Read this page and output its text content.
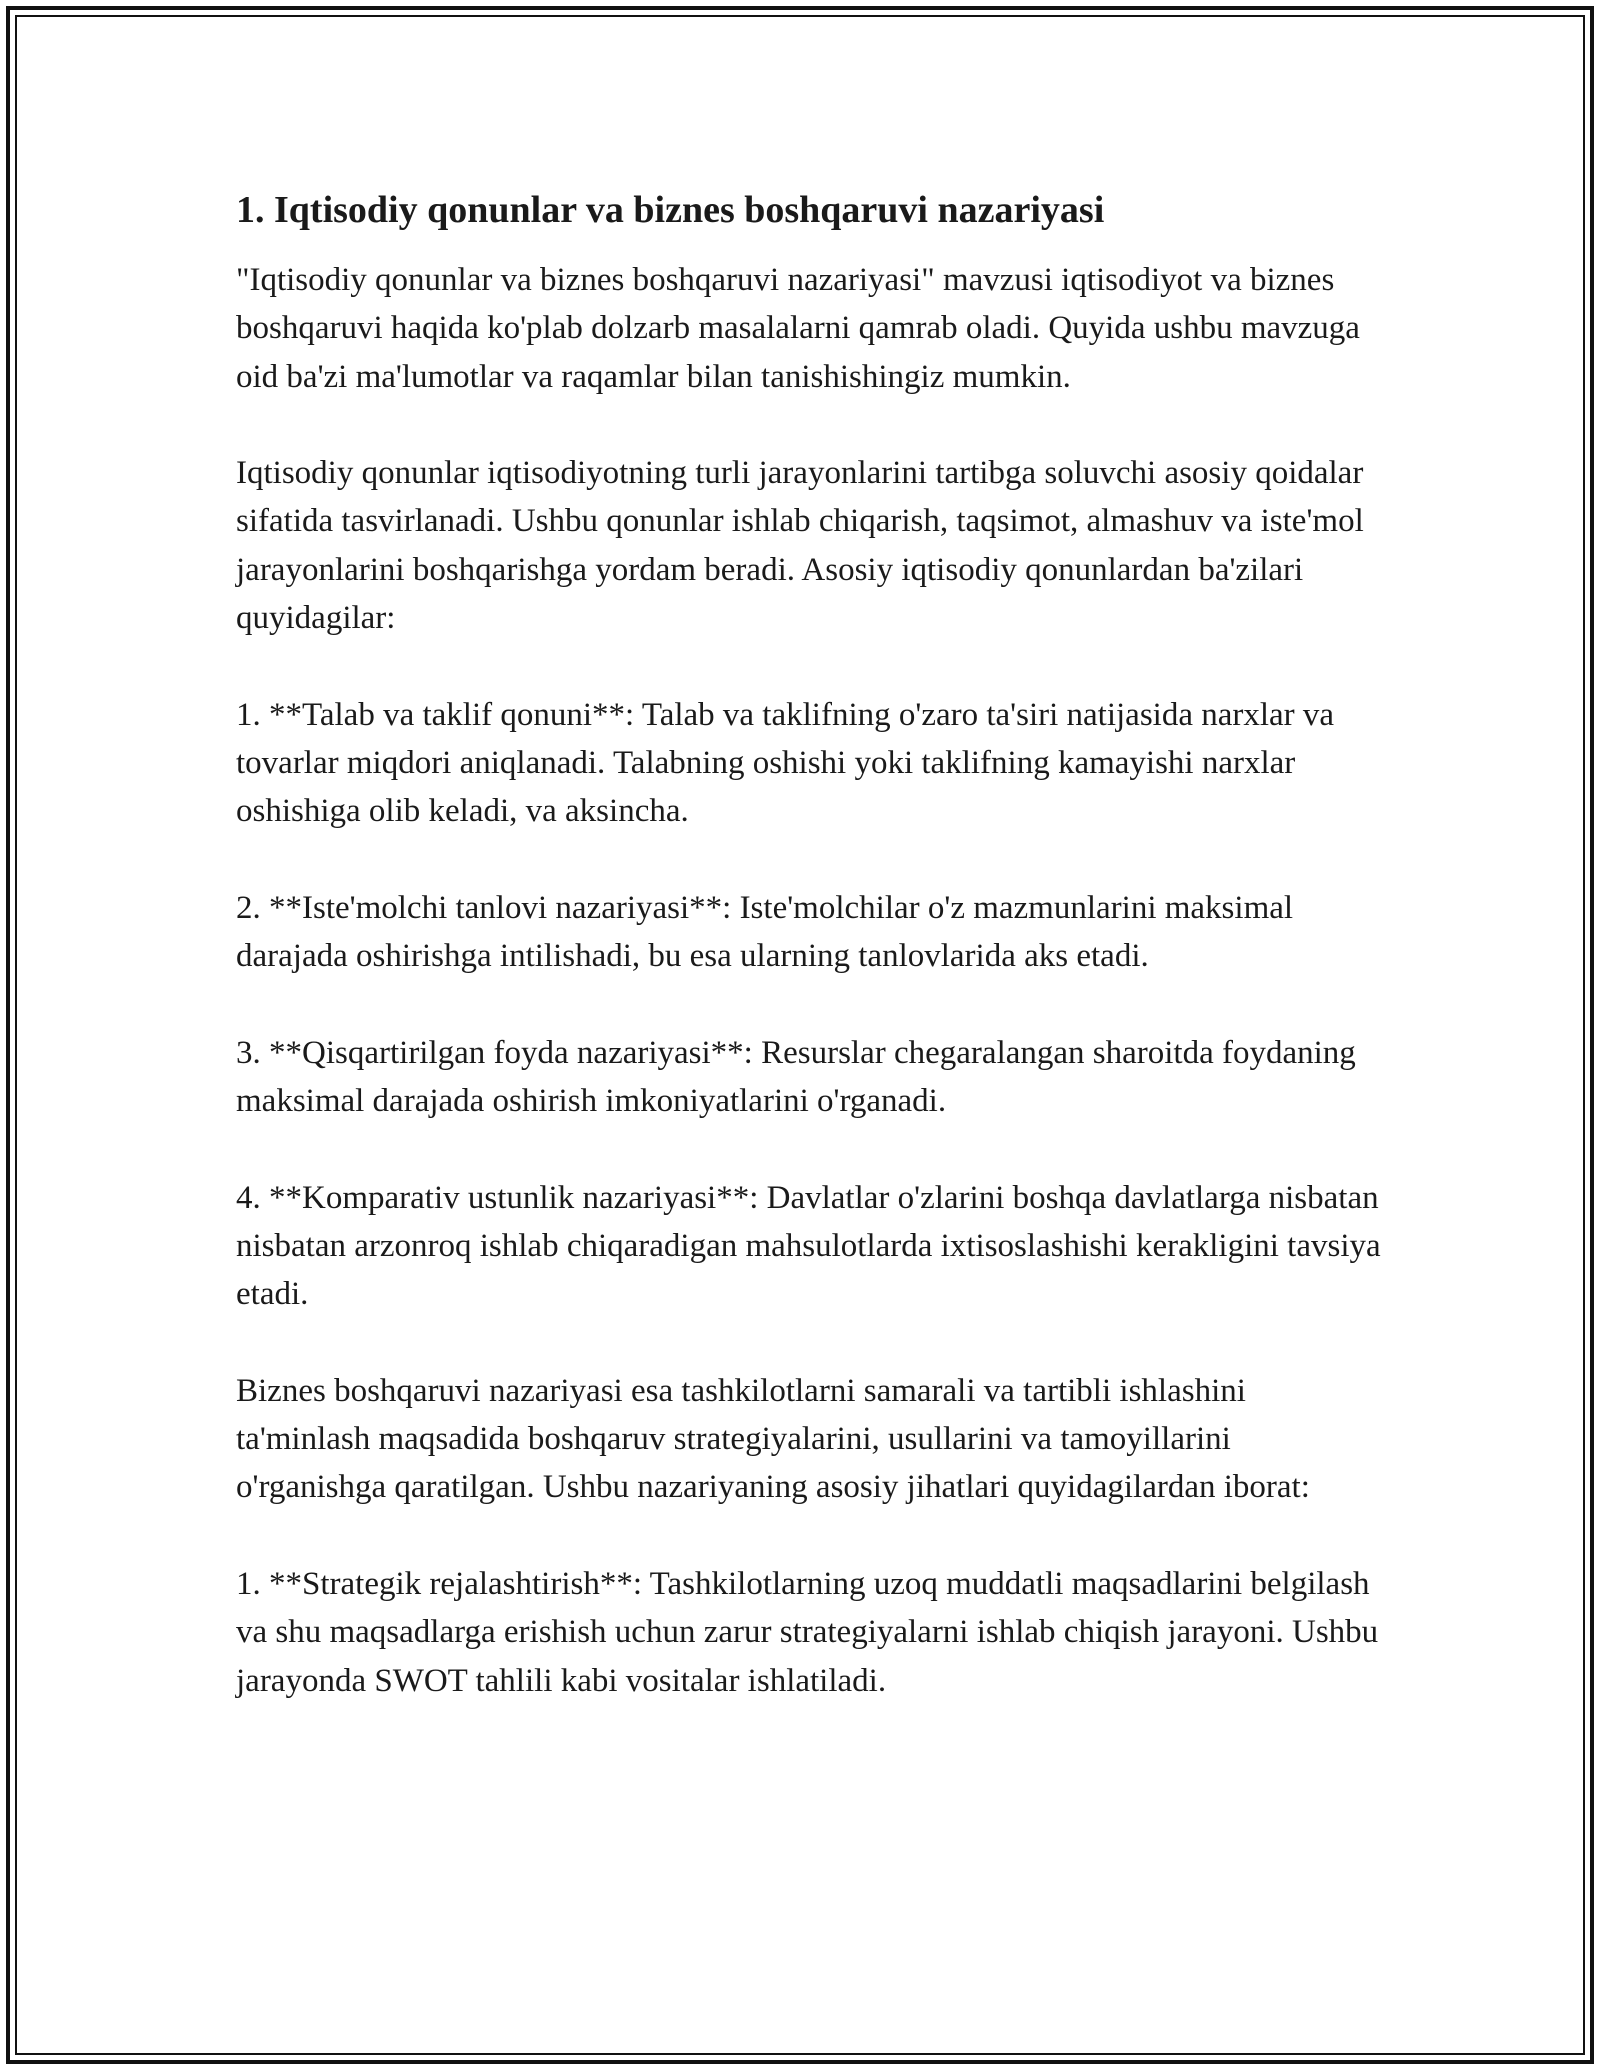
1. Iqtisodiy qonunlar va biznes boshqaruvi nazariyasi

"Iqtisodiy qonunlar va biznes boshqaruvi nazariyasi" mavzusi iqtisodiyot va biznes boshqaruvi haqida ko'plab dolzarb masalalarni qamrab oladi. Quyida ushbu mavzuga oid ba'zi ma'lumotlar va raqamlar bilan tanishishingiz mumkin.

Iqtisodiy qonunlar iqtisodiyotning turli jarayonlarini tartibga soluvchi asosiy qoidalar sifatida tasvirlanadi. Ushbu qonunlar ishlab chiqarish, taqsimot, almashuv va iste'mol jarayonlarini boshqarishga yordam beradi. Asosiy iqtisodiy qonunlardan ba'zilari quyidagilar:

1. **Talab va taklif qonuni**: Talab va taklifning o'zaro ta'siri natijasida narxlar va tovarlar miqdori aniqlanadi. Talabning oshishi yoki taklifning kamayishi narxlar oshishiga olib keladi, va aksincha.

2. **Iste'molchi tanlovi nazariyasi**: Iste'molchilar o'z mazmunlarini maksimal darajada oshirishga intilishadi, bu esa ularning tanlovlarida aks etadi.

3. **Qisqartirilgan foyda nazariyasi**: Resurslar chegaralangan sharoitda foydaning maksimal darajada oshirish imkoniyatlarini o'rganadi.

4. **Komparativ ustunlik nazariyasi**: Davlatlar o'zlarini boshqa davlatlarga nisbatan nisbatan arzonroq ishlab chiqaradigan mahsulotlarda ixtisoslashishi kerakligini tavsiya etadi.

Biznes boshqaruvi nazariyasi esa tashkilotlarni samarali va tartibli ishlashini ta'minlash maqsadida boshqaruv strategiyalarini, usullarini va tamoyillarini o'rganishga qaratilgan. Ushbu nazariyaning asosiy jihatlari quyidagilardan iborat:

1. **Strategik rejalashtirish**: Tashkilotlarning uzoq muddatli maqsadlarini belgilash va shu maqsadlarga erishish uchun zarur strategiyalarni ishlab chiqish jarayoni. Ushbu jarayonda SWOT tahlili kabi vositalar ishlatiladi.
